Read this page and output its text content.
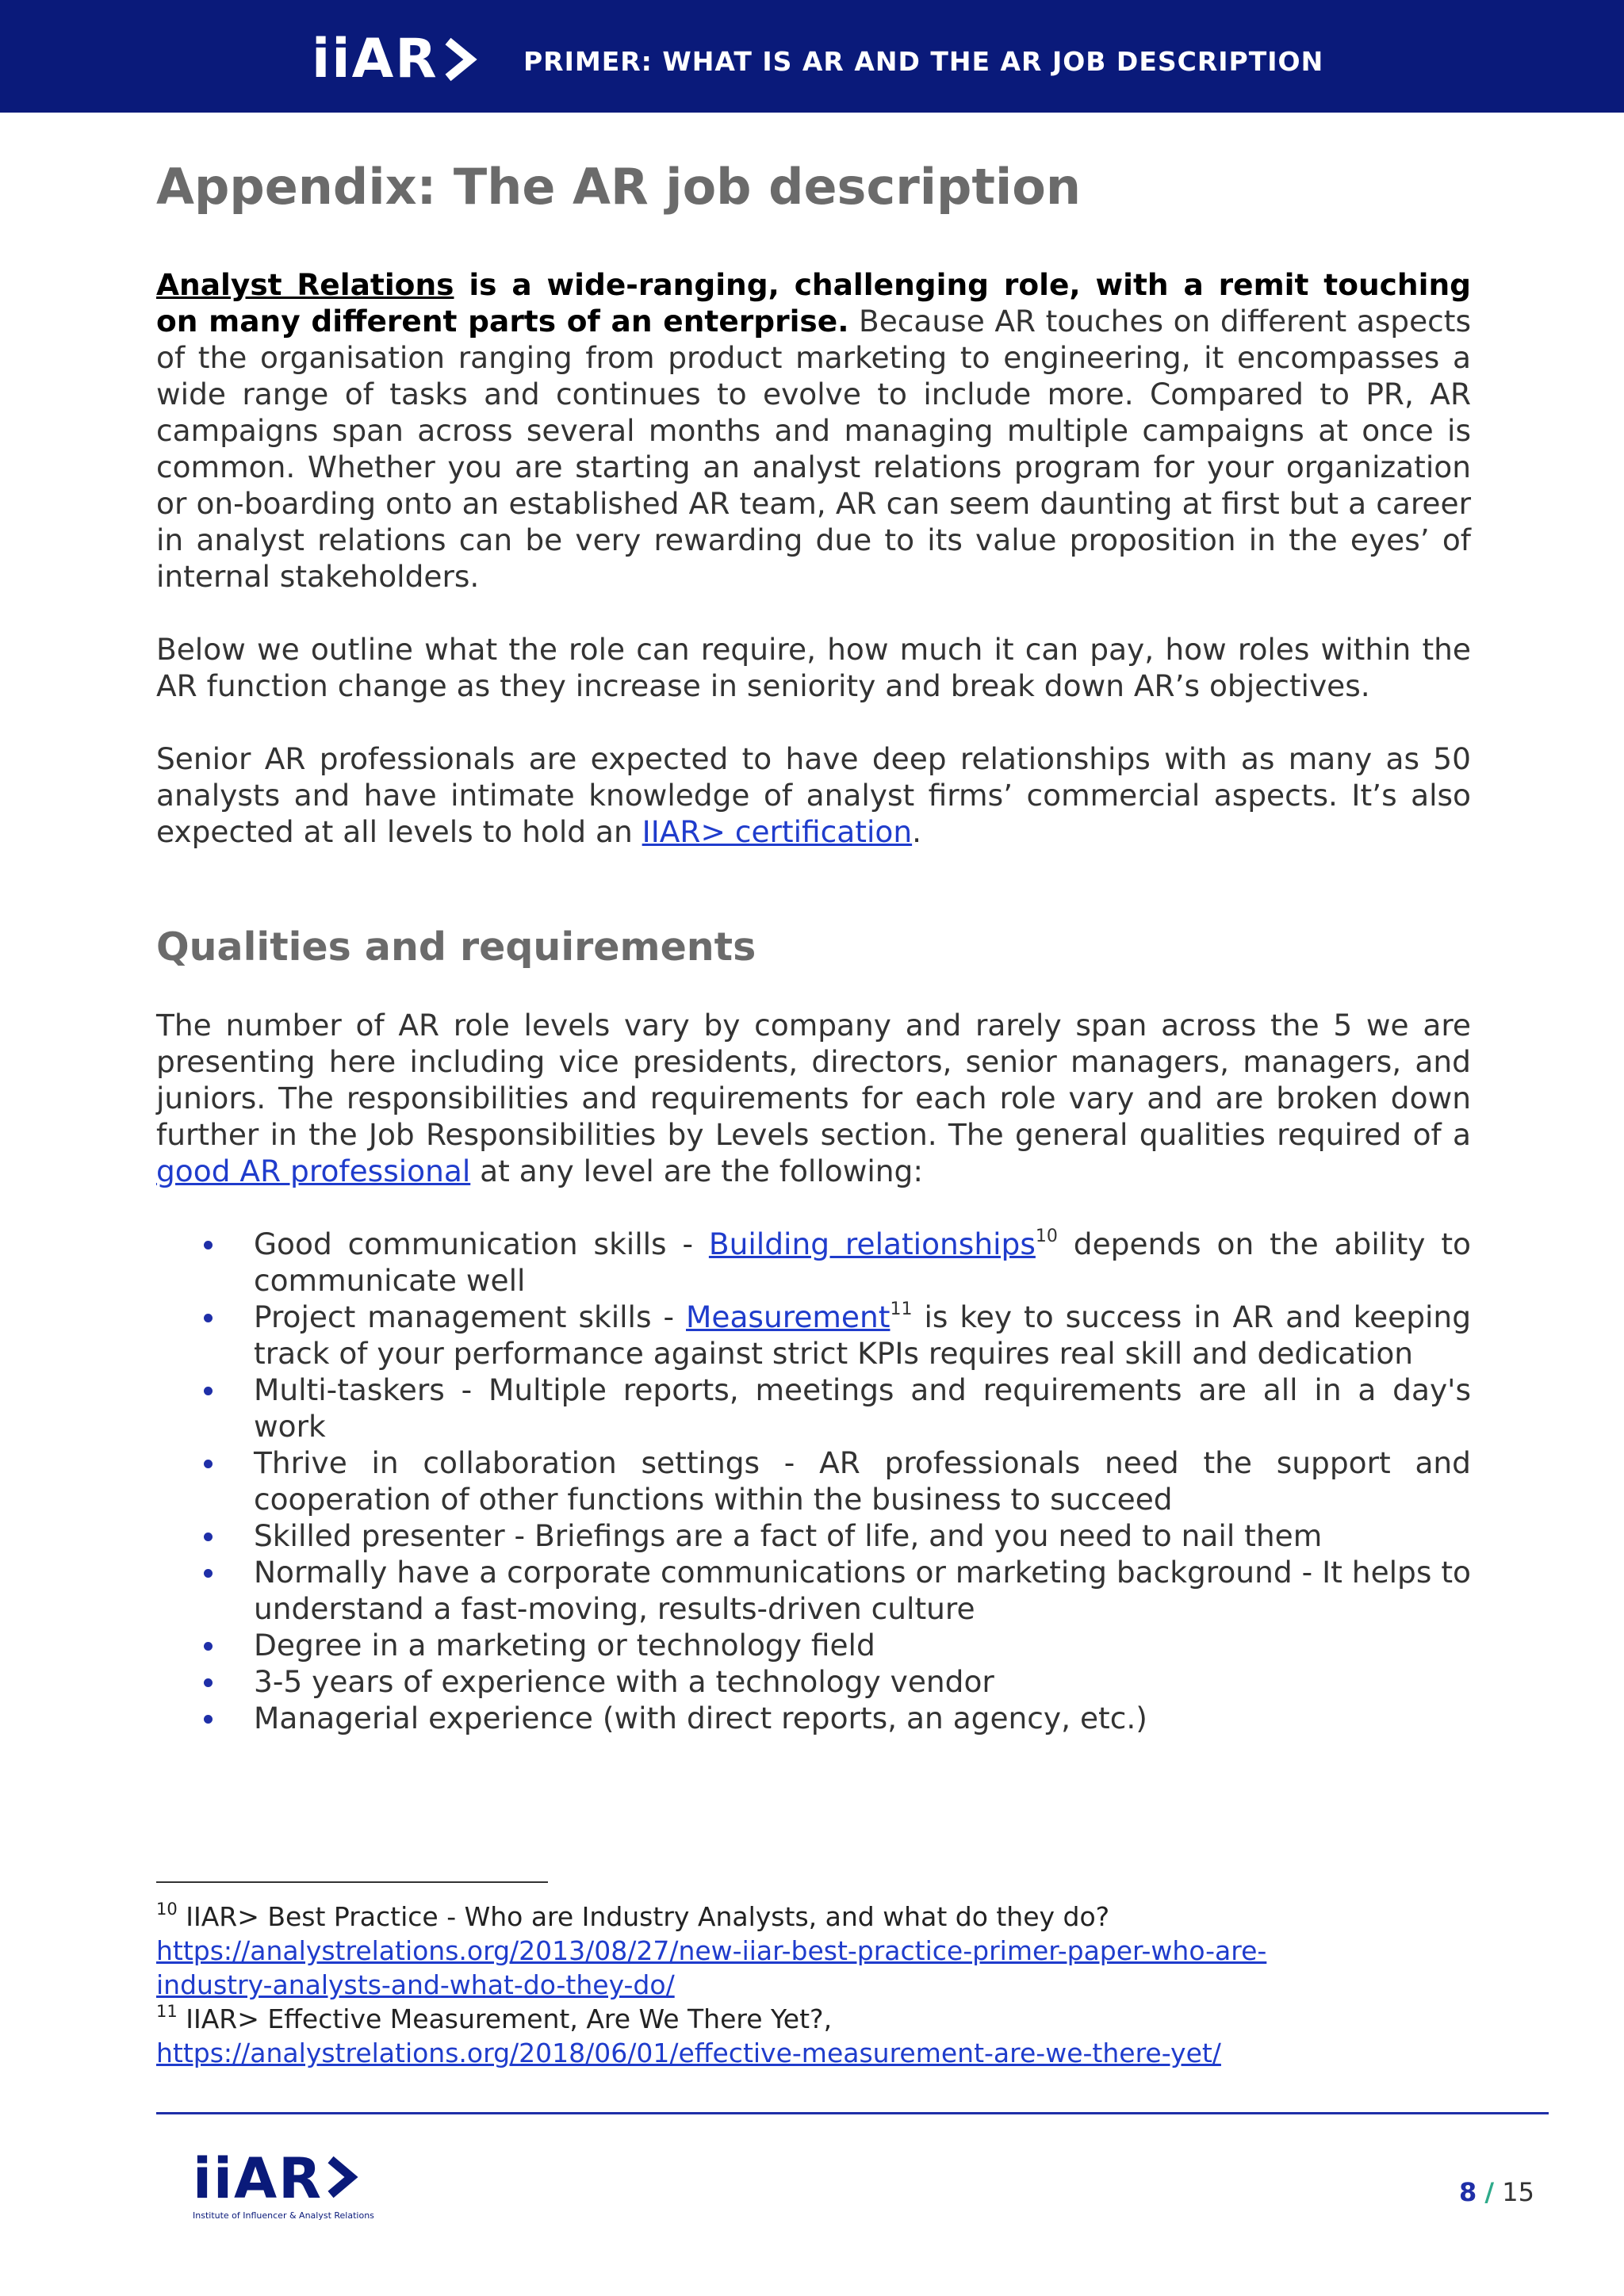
iiAR	PRIMER: WHAT IS AR AND THE AR JOB DESCRIPTION
Appendix: The AR job description

Analyst Relations is a wide-ranging, challenging role, with a remit touching on many different parts of an enterprise. Because AR touches on different aspects of the organisation ranging from product marketing to engineering, it encompasses a wide range of tasks and continues to evolve to include more. Compared to PR, AR campaigns span across several months and managing multiple campaigns at once is common. Whether you are starting an analyst relations program for your organization or on-boarding onto an established AR team, AR can seem daunting at first but a career in analyst relations can be very rewarding due to its value proposition in the eyes’ of internal stakeholders.

Below we outline what the role can require, how much it can pay, how roles within the AR function change as they increase in seniority and break down AR’s objectives.

Senior AR professionals are expected to have deep relationships with as many as 50 analysts and have intimate knowledge of analyst firms’ commercial aspects. It’s also expected at all levels to hold an IIAR> certification.

Qualities and requirements

The number of AR role levels vary by company and rarely span across the 5 we are presenting here including vice presidents, directors, senior managers, managers, and juniors. The responsibilities and requirements for each role vary and are broken down further in the Job Responsibilities by Levels section. The general qualities required of a good AR professional at any level are the following:

Good communication skills - Building relationships$^{10}$ depends on the ability to communicate well
Project management skills - Measurement$^{11}$ is key to success in AR and keeping track of your performance against strict KPIs requires real skill and dedication
Multi-taskers - Multiple reports, meetings and requirements are all in a day's work
Thrive in collaboration settings - AR professionals need the support and cooperation of other functions within the business to succeed
Skilled presenter - Briefings are a fact of life, and you need to nail them
Normally have a corporate communications or marketing background - It helps to understand a fast-moving, results-driven culture
Degree in a marketing or technology field
3-5 years of experience with a technology vendor
Managerial experience (with direct reports, an agency, etc.)

$^{10}$ IIAR> Best Practice - Who are Industry Analysts, and what do they do?

https://analystrelations.org/2013/08/27/new-iiar-best-practice-primer-paper-who-are-

industry-analysts-and-what-do-they-do/

$^{11}$ IIAR> Effective Measurement, Are We There Yet?,

https://analystrelations.org/2018/06/01/effective-measurement-are-we-there-yet/

iiAR
Institute of Influencer & Analyst Relations
8 / 15
